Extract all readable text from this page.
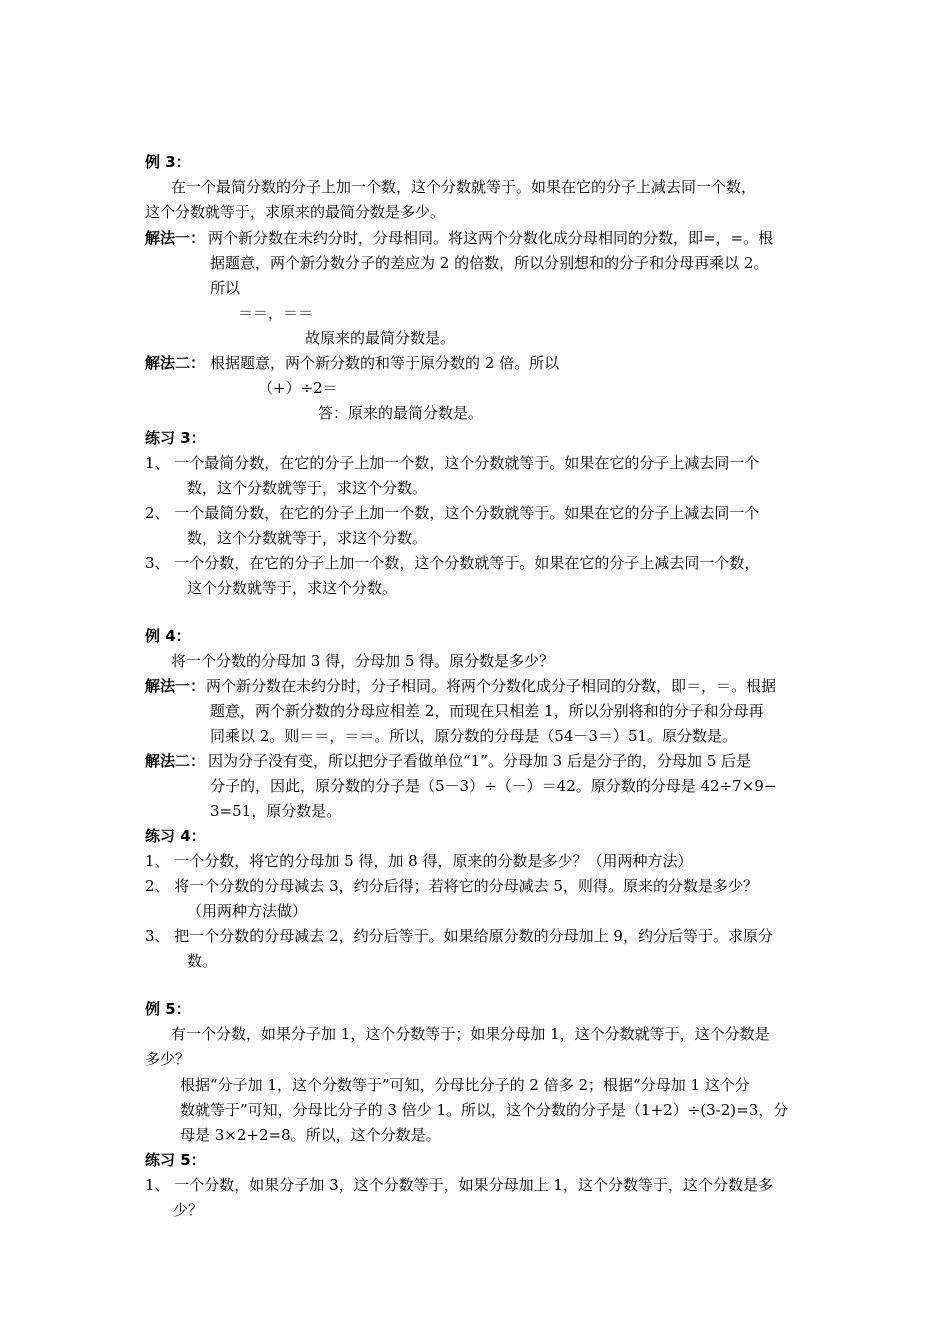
例 3：
在一个最简分数的分子上加一个数，这个分数就等于。如果在它的分子上减去同一个数，
这个分数就等于，求原来的最简分数是多少。
解法一： 两个新分数在未约分时，分母相同。将这两个分数化成分母相同的分数，即=，=。根
据题意，两个新分数分子的差应为 2 的倍数，所以分别想和的分子和分母再乘以 2。
所以
＝＝，＝＝
故原来的最简分数是。
解法二： 根据题意，两个新分数的和等于原分数的 2 倍。所以
（+）÷2＝
答：原来的最简分数是。
练习 3：
1、 一个最简分数，在它的分子上加一个数，这个分数就等于。如果在它的分子上减去同一个
数，这个分数就等于，求这个分数。
2、 一个最简分数，在它的分子上加一个数，这个分数就等于。如果在它的分子上减去同一个
数，这个分数就等于，求这个分数。
3、 一个分数，在它的分子上加一个数，这个分数就等于。如果在它的分子上减去同一个数，
这个分数就等于，求这个分数。
例 4：
将一个分数的分母加 3 得，分母加 5 得。原分数是多少？
解法一： 两个新分数在未约分时，分子相同。将两个分数化成分子相同的分数，即＝，＝。根据
题意，两个新分数的分母应相差 2，而现在只相差 1，所以分别将和的分子和分母再
同乘以 2。则＝＝，＝＝。所以，原分数的分母是（54－3＝）51。原分数是。
解法二： 因为分子没有变，所以把分子看做单位“1”。分母加 3 后是分子的，分母加 5 后是
分子的，因此，原分数的分子是（5－3）÷（－）＝42。原分数的分母是 42÷7×9−
3=51，原分数是。
练习 4：
1、 一个分数，将它的分母加 5 得，加 8 得，原来的分数是多少？（用两种方法）
2、 将一个分数的分母减去 3，约分后得；若将它的分母减去 5，则得。原来的分数是多少？
（用两种方法做）
3、 把一个分数的分母减去 2，约分后等于。如果给原分数的分母加上 9，约分后等于。求原分
数。
例 5：
有一个分数，如果分子加 1，这个分数等于；如果分母加 1，这个分数就等于，这个分数是
多少？
根据“分子加 1，这个分数等于”可知，分母比分子的 2 倍多 2；根据“分母加 1 这个分
数就等于”可知，分母比分子的 3 倍少 1。所以，这个分数的分子是（1+2）÷(3-2)=3，分
母是 3×2+2=8。所以，这个分数是。
练习 5：
1、 一个分数，如果分子加 3，这个分数等于，如果分母加上 1，这个分数等于，这个分数是多
少？
